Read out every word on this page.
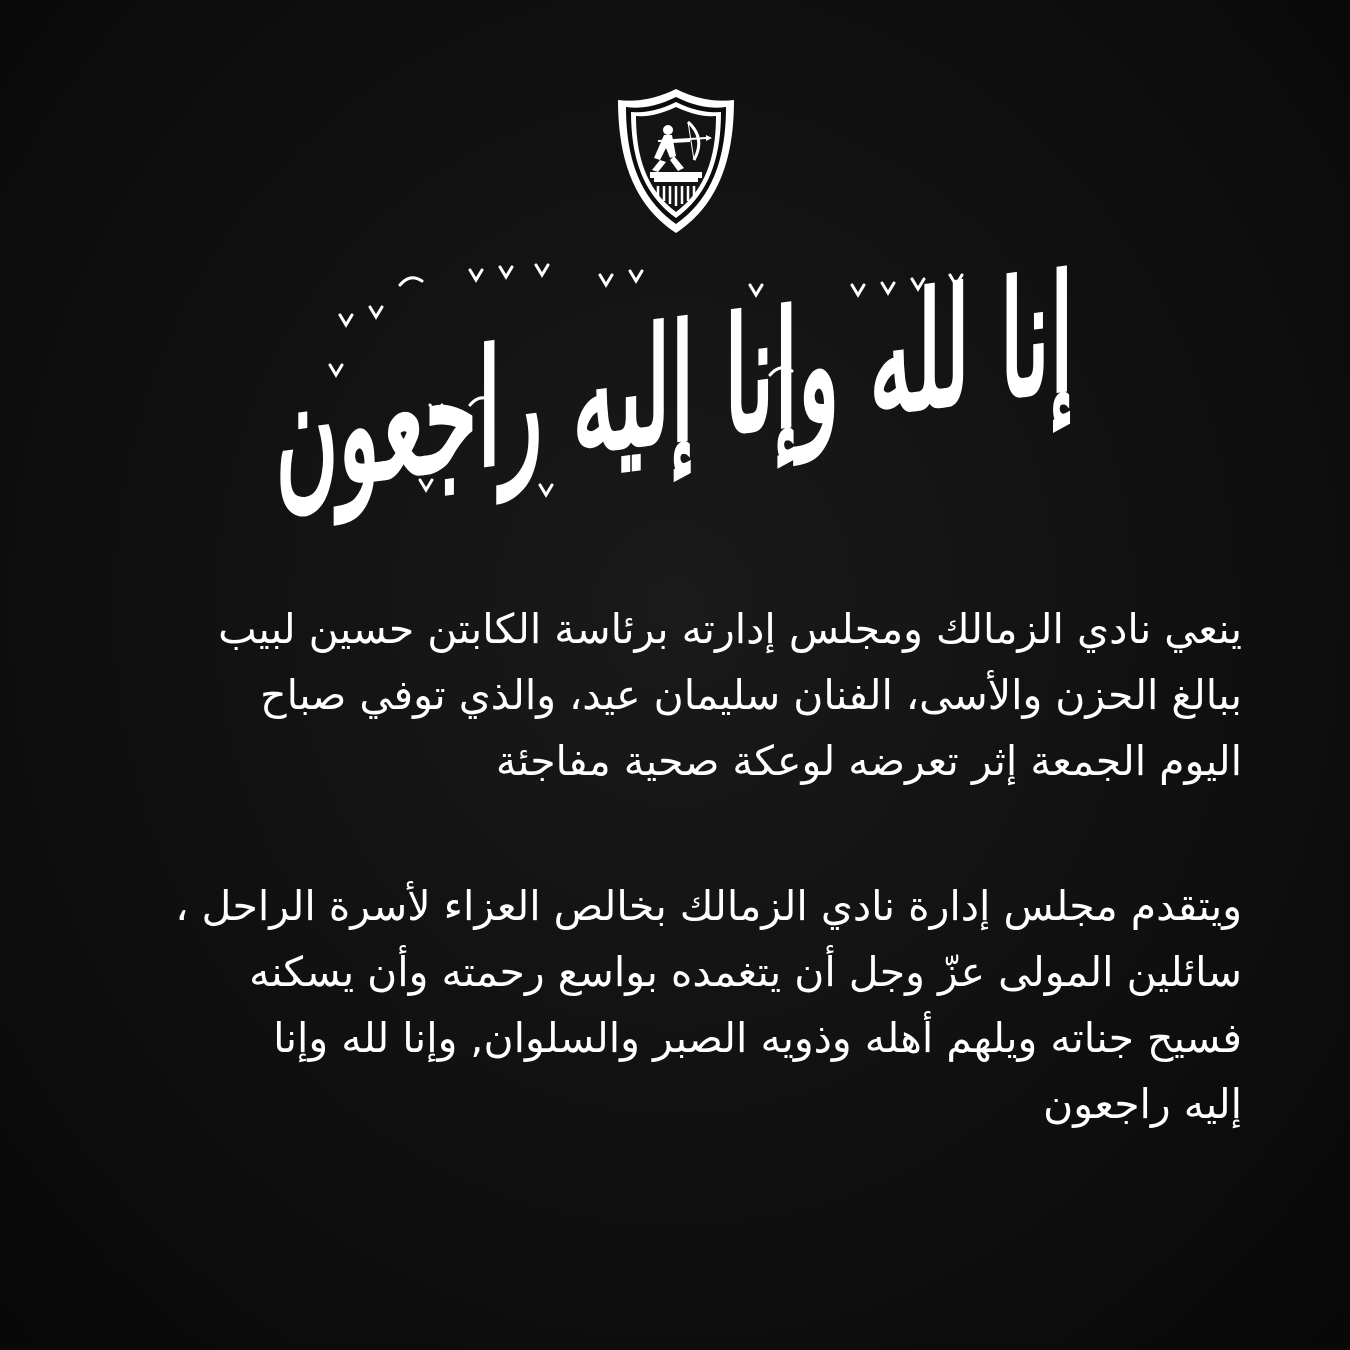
إنا لله وإنا إليه راجعون

ينعي نادي الزمالك ومجلس إدارته برئاسة الكابتن حسين لبيب
ببالغ الحزن والأسى، الفنان سليمان عيد، والذي توفي صباح
اليوم الجمعة إثر تعرضه لوعكة صحية مفاجئة

ويتقدم مجلس إدارة نادي الزمالك بخالص العزاء لأسرة الراحل ،
سائلين المولى عزّ وجل أن يتغمده بواسع رحمته وأن يسكنه
فسيح جناته ويلهم أهله وذويه الصبر والسلوان, وإنا لله وإنا
إليه راجعون
